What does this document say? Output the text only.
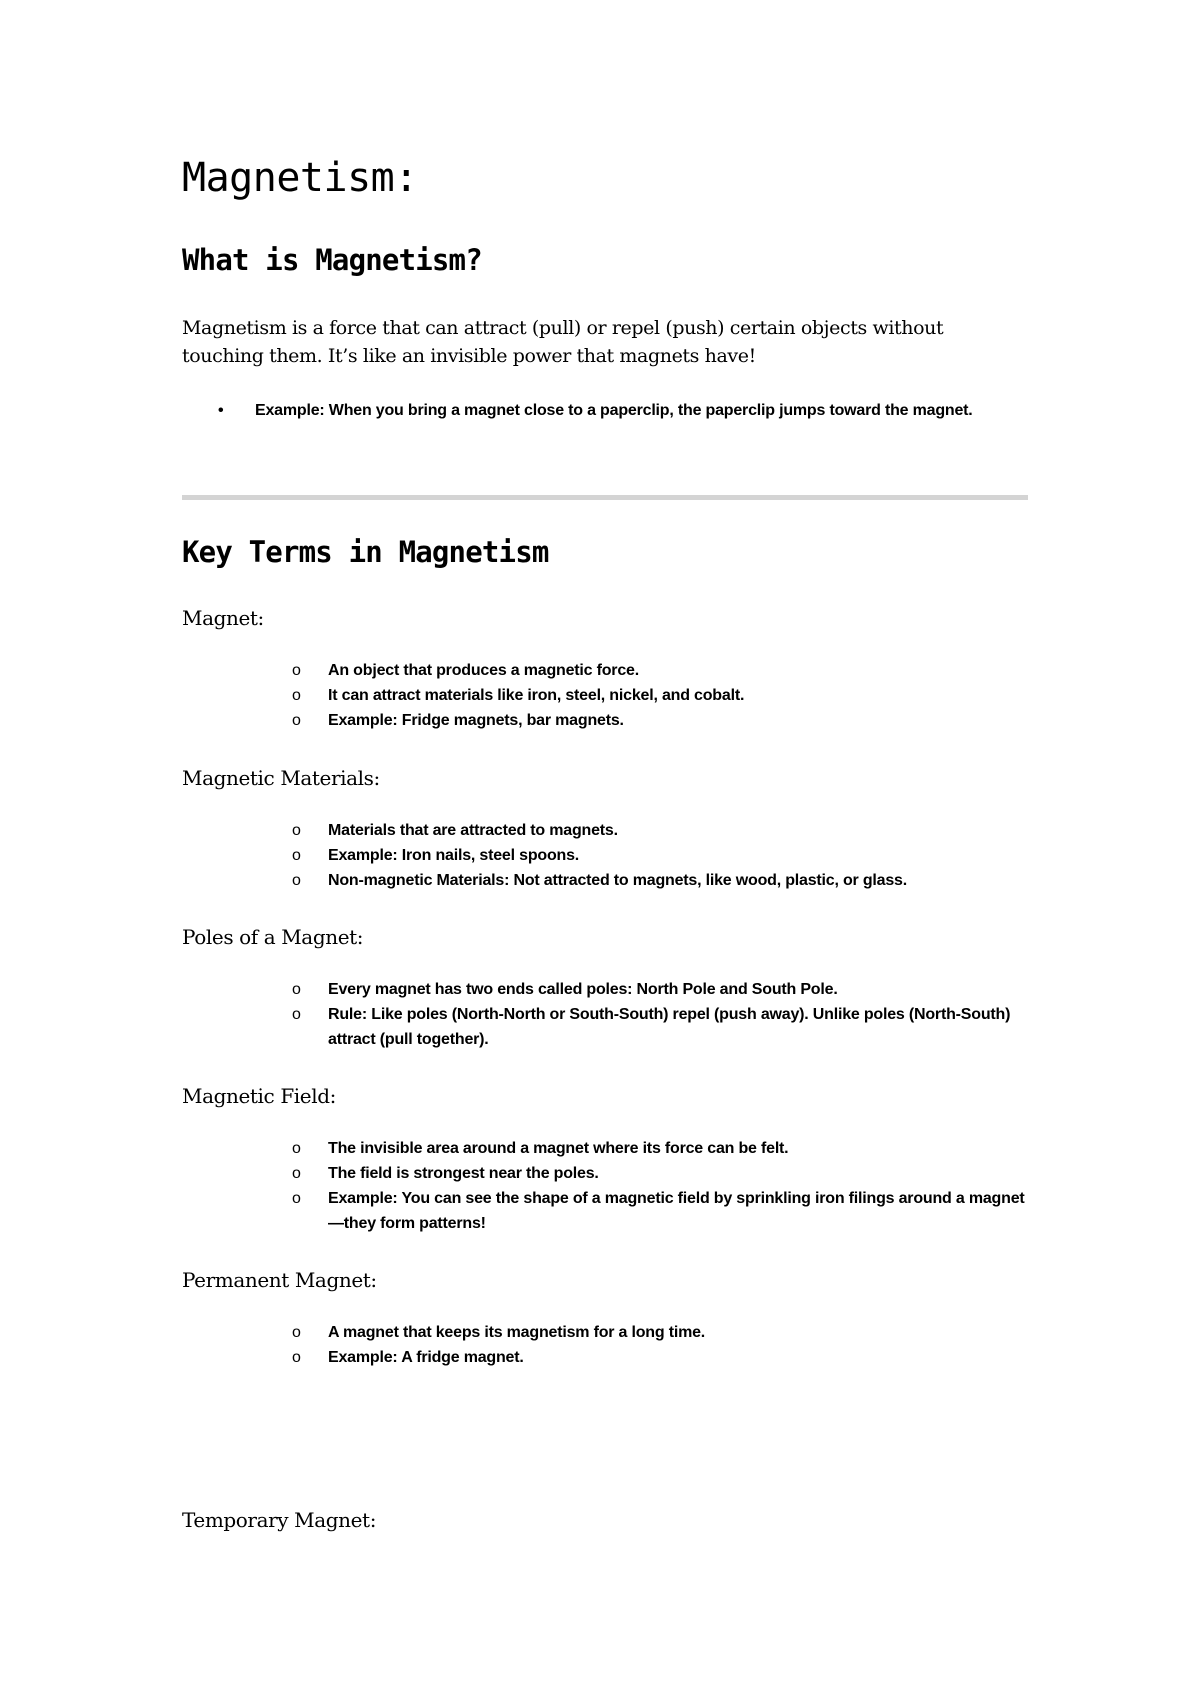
Magnetism:
What is Magnetism?

Magnetism is a force that can attract (pull) or repel (push) certain objects without touching them. It’s like an invisible power that magnets have!

• Example: When you bring a magnet close to a paperclip, the paperclip jumps toward the magnet.
Key Terms in Magnetism
Magnet:
o An object that produces a magnetic force.
o It can attract materials like iron, steel, nickel, and cobalt.
o Example: Fridge magnets, bar magnets.
Magnetic Materials:
o Materials that are attracted to magnets.
o Example: Iron nails, steel spoons.
o Non-magnetic Materials: Not attracted to magnets, like wood, plastic, or glass.
Poles of a Magnet:
o Every magnet has two ends called poles: North Pole and South Pole.
o Rule: Like poles (North-North or South-South) repel (push away). Unlike poles (North-South) attract (pull together).
Magnetic Field:
o The invisible area around a magnet where its force can be felt.
o The field is strongest near the poles.
o Example: You can see the shape of a magnetic field by sprinkling iron filings around a magnet—they form patterns!
Permanent Magnet:
o A magnet that keeps its magnetism for a long time.
o Example: A fridge magnet.
Temporary Magnet:
